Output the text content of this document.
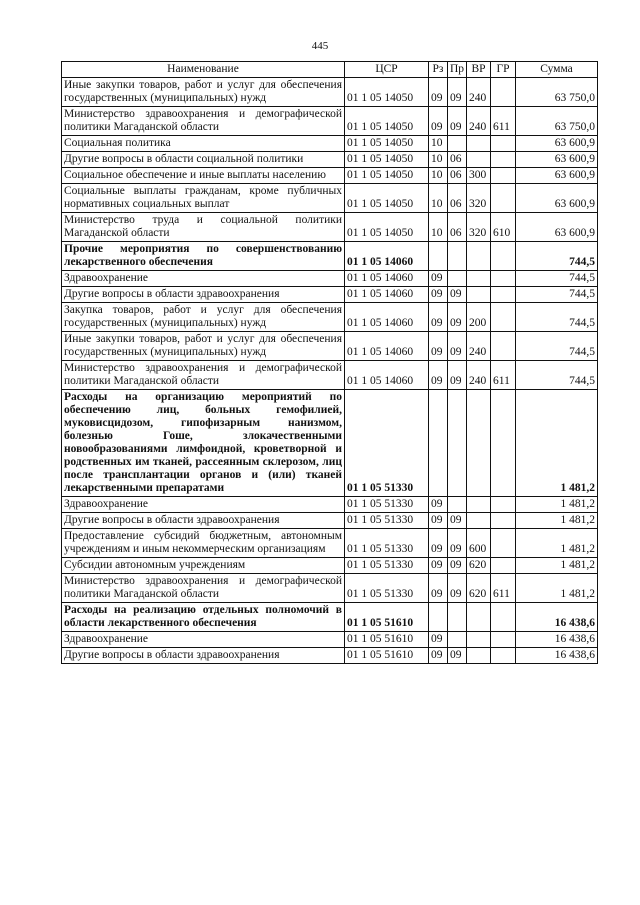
445
Наименование	ЦСР	Рз	Пр	ВР	ГР	Сумма
Иные закупки товаров, работ и услуг для обеспечения государственных (муниципальных) нужд	01 1 05 14050	09	09	240		63 750,0
Министерство здравоохранения и демографической политики Магаданской области	01 1 05 14050	09	09	240	611	63 750,0
Социальная политика	01 1 05 14050	10				63 600,9
Другие вопросы в области социальной политики	01 1 05 14050	10	06			63 600,9
Социальное обеспечение и иные выплаты населению	01 1 05 14050	10	06	300		63 600,9
Социальные выплаты гражданам, кроме публичных нормативных социальных выплат	01 1 05 14050	10	06	320		63 600,9
Министерство труда и социальной политики Магаданской области	01 1 05 14050	10	06	320	610	63 600,9
Прочие мероприятия по совершенствованию лекарственного обеспечения	01 1 05 14060					744,5
Здравоохранение	01 1 05 14060	09				744,5
Другие вопросы в области здравоохранения	01 1 05 14060	09	09			744,5
Закупка товаров, работ и услуг для обеспечения государственных (муниципальных) нужд	01 1 05 14060	09	09	200		744,5
Иные закупки товаров, работ и услуг для обеспечения государственных (муниципальных) нужд	01 1 05 14060	09	09	240		744,5
Министерство здравоохранения и демографической политики Магаданской области	01 1 05 14060	09	09	240	611	744,5
Расходы на организацию мероприятий по обеспечению лиц, больных гемофилией, муковисцидозом, гипофизарным нанизмом, болезнью Гоше, злокачественными новообразованиями лимфоидной, кроветворной и родственных им тканей, рассеянным склерозом, лиц после трансплантации органов и (или) тканей лекарственными препаратами	01 1 05 51330					1 481,2
Здравоохранение	01 1 05 51330	09				1 481,2
Другие вопросы в области здравоохранения	01 1 05 51330	09	09			1 481,2
Предоставление субсидий бюджетным, автономным учреждениям и иным некоммерческим организациям	01 1 05 51330	09	09	600		1 481,2
Субсидии автономным учреждениям	01 1 05 51330	09	09	620		1 481,2
Министерство здравоохранения и демографической политики Магаданской области	01 1 05 51330	09	09	620	611	1 481,2
Расходы на реализацию отдельных полномочий в области лекарственного обеспечения	01 1 05 51610					16 438,6
Здравоохранение	01 1 05 51610	09				16 438,6
Другие вопросы в области здравоохранения	01 1 05 51610	09	09			16 438,6
